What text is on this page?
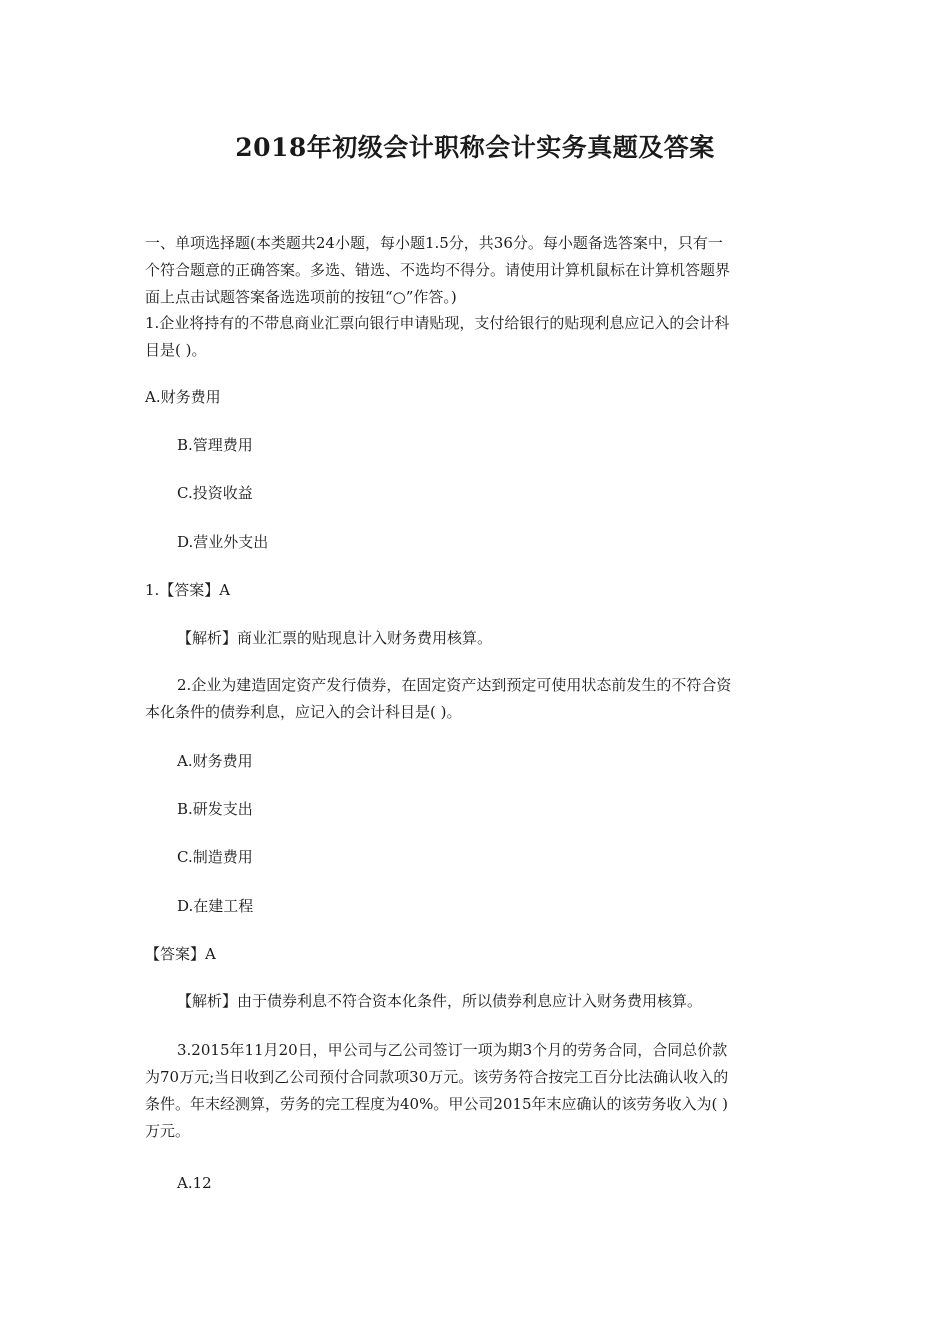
2018年初级会计职称会计实务真题及答案
一、单项选择题(本类题共24小题，每小题1.5分，共36分。每小题备选答案中，只有一
个符合题意的正确答案。多选、错选、不选均不得分。请使用计算机鼠标在计算机答题界
面上点击试题答案备选选项前的按钮“○”作答。)
1.企业将持有的不带息商业汇票向银行申请贴现，支付给银行的贴现利息应记入的会计科
目是( )。
A.财务费用
B.管理费用
C.投资收益
D.营业外支出
1.【答案】A
【解析】商业汇票的贴现息计入财务费用核算。
2.企业为建造固定资产发行债券，在固定资产达到预定可使用状态前发生的不符合资
本化条件的债券利息，应记入的会计科目是( )。
A.财务费用
B.研发支出
C.制造费用
D.在建工程
【答案】A
【解析】由于债券利息不符合资本化条件，所以债券利息应计入财务费用核算。
3.2015年11月20日，甲公司与乙公司签订一项为期3个月的劳务合同，合同总价款
为70万元;当日收到乙公司预付合同款项30万元。该劳务符合按完工百分比法确认收入的
条件。年末经测算，劳务的完工程度为40%。甲公司2015年末应确认的该劳务收入为( )
万元。
A.12
